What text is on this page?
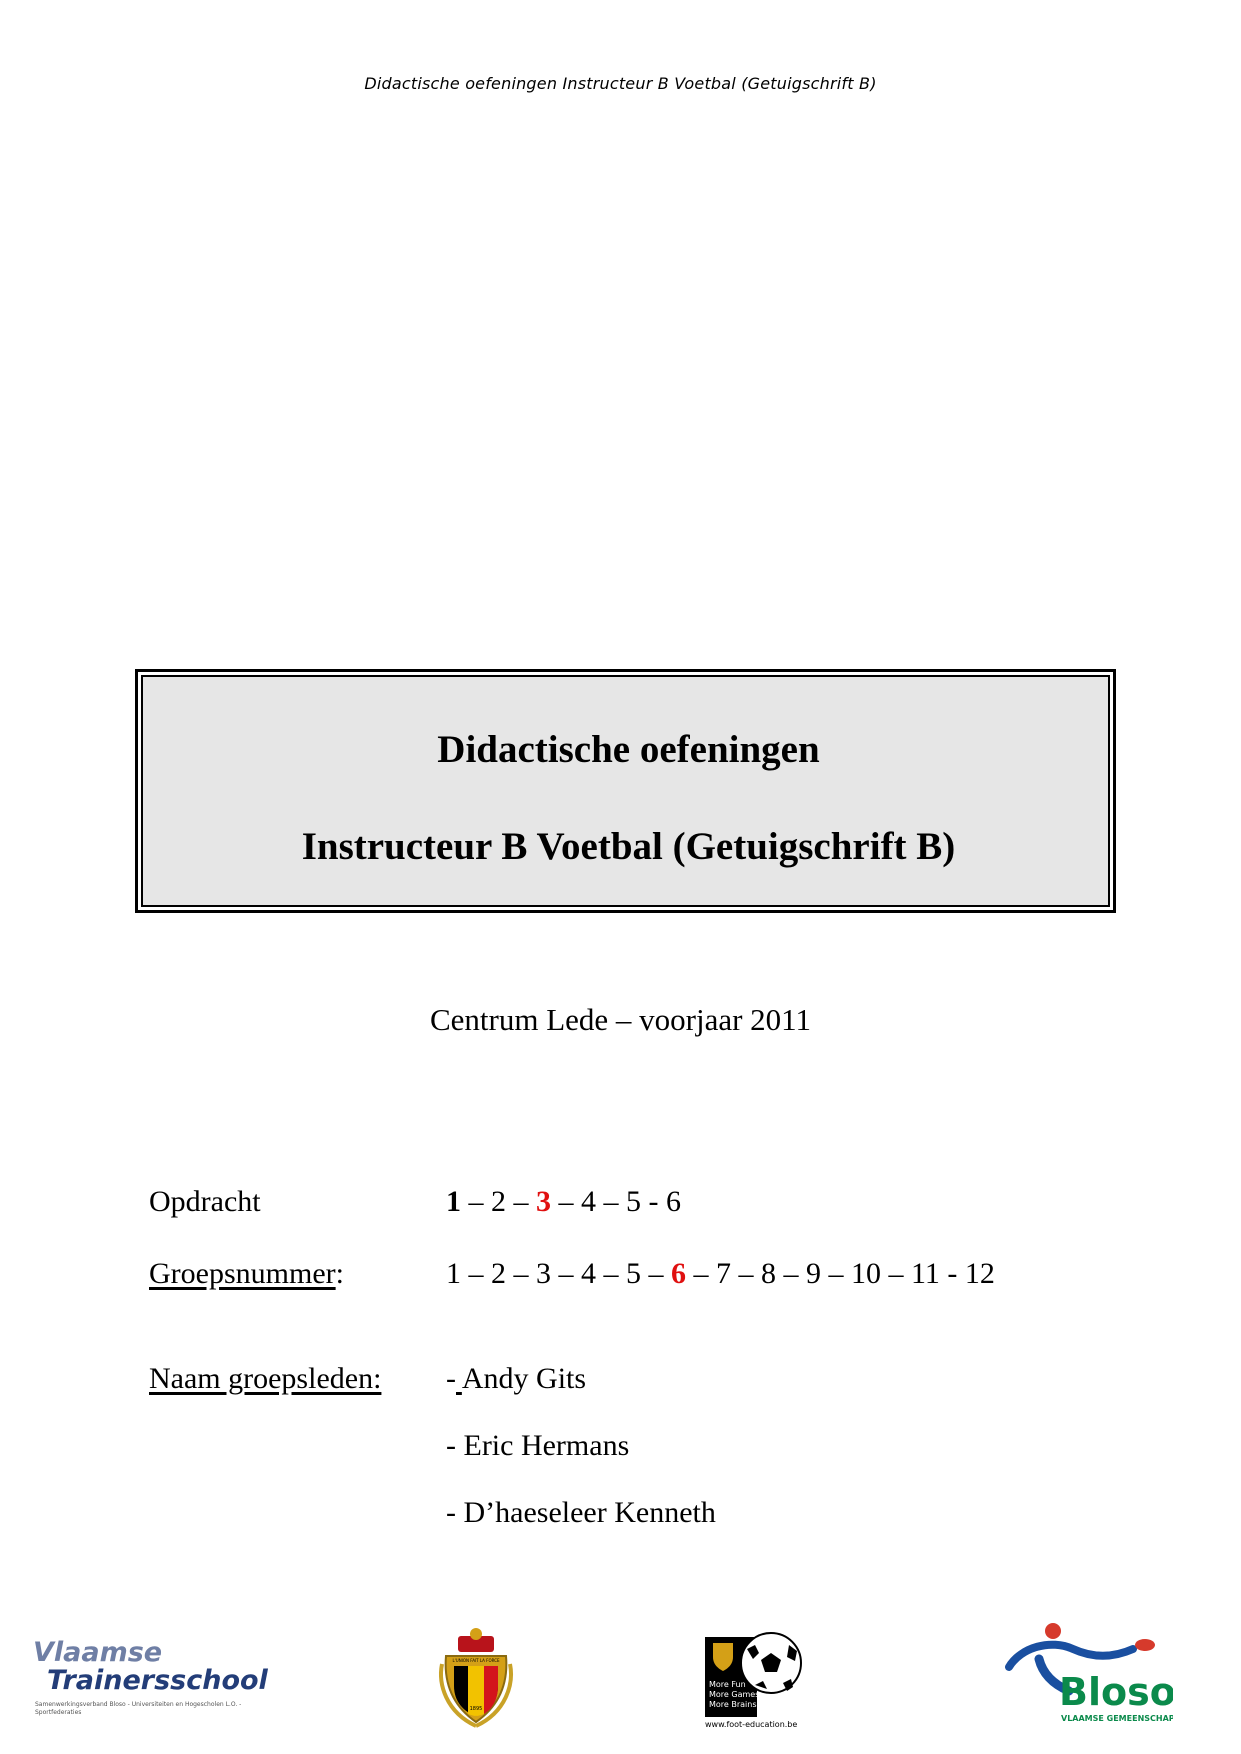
Didactische oefeningen Instructeur B Voetbal (Getuigschrift B)
Didactische oefeningen
Instructeur B Voetbal (Getuigschrift B)
Centrum Lede – voorjaar 2011
Opdracht	1 – 2 – 3 – 4 – 5 - 6
Groepsnummer:	1 – 2 – 3 – 4 – 5 – 6 – 7 – 8 – 9 – 10 – 11 - 12
Naam groepsleden: - Andy Gits
- Eric Hermans
- D’haeseleer Kenneth
Vlaamse
Trainersschool
Samenwerkingsverband Bloso - Universiteiten en Hogescholen L.O. - Sportfederaties
L'UNION FAIT LA FORCE
1895
More Fun
More Games
More Brains
www.foot-education.be
Bloso
VLAAMSE GEMEENSCHAP
